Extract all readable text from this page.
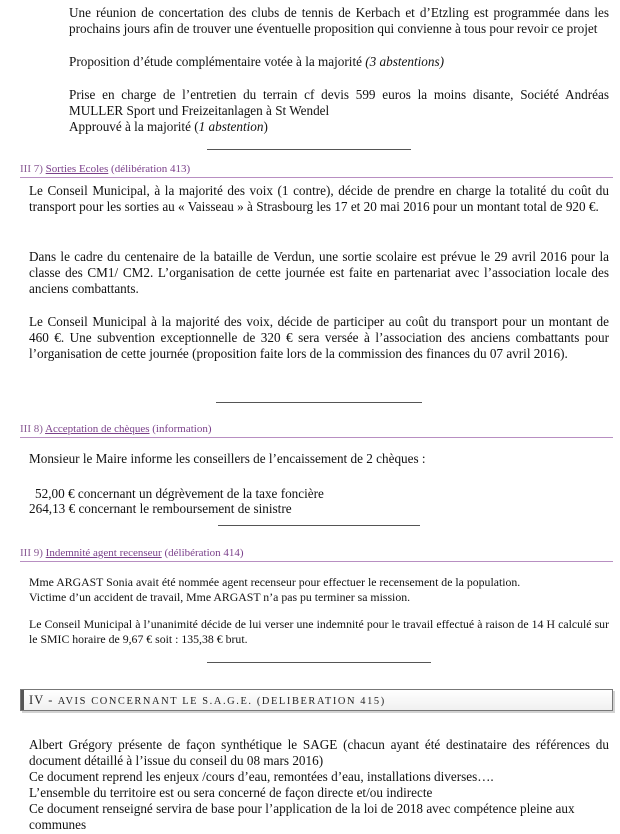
Une réunion de concertation des clubs de tennis de Kerbach et d’Etzling est programmée dans les prochains jours afin de trouver une éventuelle proposition qui convienne à tous pour revoir ce projet

Proposition d’étude complémentaire votée à la majorité (3 abstentions)

Prise en charge de l’entretien du terrain cf devis 599 euros la moins disante, Société Andréas MULLER Sport und Freizeitanlagen à St Wendel

Approuvé à la majorité (1 abstention)
III 7) Sorties Ecoles (délibération 413)

Le Conseil Municipal, à la majorité des voix (1 contre), décide de prendre en charge la totalité du coût du transport pour les sorties au « Vaisseau » à Strasbourg les 17 et 20 mai 2016 pour un montant total de 920 €.

Dans le cadre du centenaire de la bataille de Verdun, une sortie scolaire est prévue le 29 avril 2016 pour la classe des CM1/ CM2. L’organisation de cette journée est faite en partenariat avec l’association locale des anciens combattants.

Le Conseil Municipal à la majorité des voix, décide de participer au coût du transport pour un montant de 460 €. Une subvention exceptionnelle de 320 € sera versée à l’association des anciens combattants pour l’organisation de cette journée (proposition faite lors de la commission des finances du 07 avril 2016).

III 8) Acceptation de chèques (information)
Monsieur le Maire informe les conseillers de l’encaissement de 2 chèques :
52,00 € concernant un dégrèvement de la taxe foncière
264,13 € concernant le remboursement de sinistre
III 9) Indemnité agent recenseur (délibération 414)
Mme ARGAST Sonia avait été nommée agent recenseur pour effectuer le recensement de la population.
Victime d’un accident de travail, Mme ARGAST n’a pas pu terminer sa mission.

Le Conseil Municipal à l’unanimité décide de lui verser une indemnité pour le travail effectué à raison de 14 H calculé sur le SMIC horaire de 9,67 € soit : 135,38 € brut.

IV - AVIS CONCERNANT LE S.A.G.E. (DELIBERATION 415)

Albert Grégory présente de façon synthétique le SAGE (chacun ayant été destinataire des références du document détaillé à l’issue du conseil du 08 mars 2016)

Ce document reprend les enjeux /cours d’eau, remontées d’eau, installations diverses….
L’ensemble du territoire est ou sera concerné de façon directe et/ou indirecte

Ce document renseigné servira de base pour l’application de la loi de 2018 avec compétence pleine aux communes
